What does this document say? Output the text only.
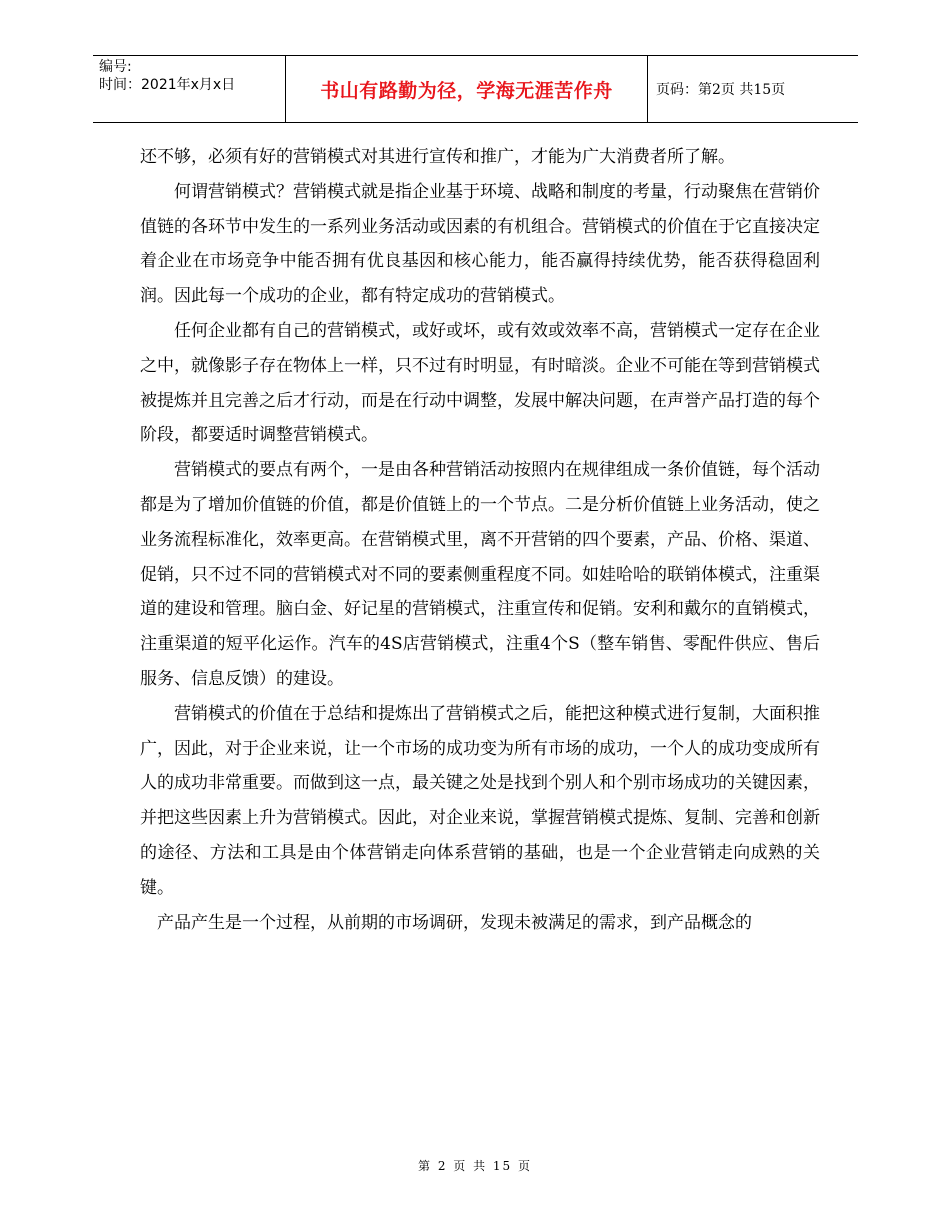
编号:
时间：2021年x月x日	书山有路勤为径，学海无涯苦作舟	页码：第2页 共15页

还不够，必须有好的营销模式对其进行宣传和推广，才能为广大消费者所了解。

何谓营销模式？营销模式就是指企业基于环境、战略和制度的考量，行动聚焦在营销价值链的各环节中发生的一系列业务活动或因素的有机组合。营销模式的价值在于它直接决定着企业在市场竞争中能否拥有优良基因和核心能力，能否赢得持续优势，能否获得稳固利润。因此每一个成功的企业，都有特定成功的营销模式。

任何企业都有自己的营销模式，或好或坏，或有效或效率不高，营销模式一定存在企业之中，就像影子存在物体上一样，只不过有时明显，有时暗淡。企业不可能在等到营销模式被提炼并且完善之后才行动，而是在行动中调整，发展中解决问题，在声誉产品打造的每个阶段，都要适时调整营销模式。

营销模式的要点有两个，一是由各种营销活动按照内在规律组成一条价值链，每个活动都是为了增加价值链的价值，都是价值链上的一个节点。二是分析价值链上业务活动，使之业务流程标准化，效率更高。在营销模式里，离不开营销的四个要素，产品、价格、渠道、促销，只不过不同的营销模式对不同的要素侧重程度不同。如娃哈哈的联销体模式，注重渠道的建设和管理。脑白金、好记星的营销模式，注重宣传和促销。安利和戴尔的直销模式，注重渠道的短平化运作。汽车的4S店营销模式，注重4个S（整车销售、零配件供应、售后服务、信息反馈）的建设。

营销模式的价值在于总结和提炼出了营销模式之后，能把这种模式进行复制，大面积推广，因此，对于企业来说，让一个市场的成功变为所有市场的成功，一个人的成功变成所有人的成功非常重要。而做到这一点，最关键之处是找到个别人和个别市场成功的关键因素，并把这些因素上升为营销模式。因此，对企业来说，掌握营销模式提炼、复制、完善和创新的途径、方法和工具是由个体营销走向体系营销的基础，也是一个企业营销走向成熟的关键。

产品产生是一个过程，从前期的市场调研，发现未被满足的需求，到产品概念的

第 2 页 共 15 页
